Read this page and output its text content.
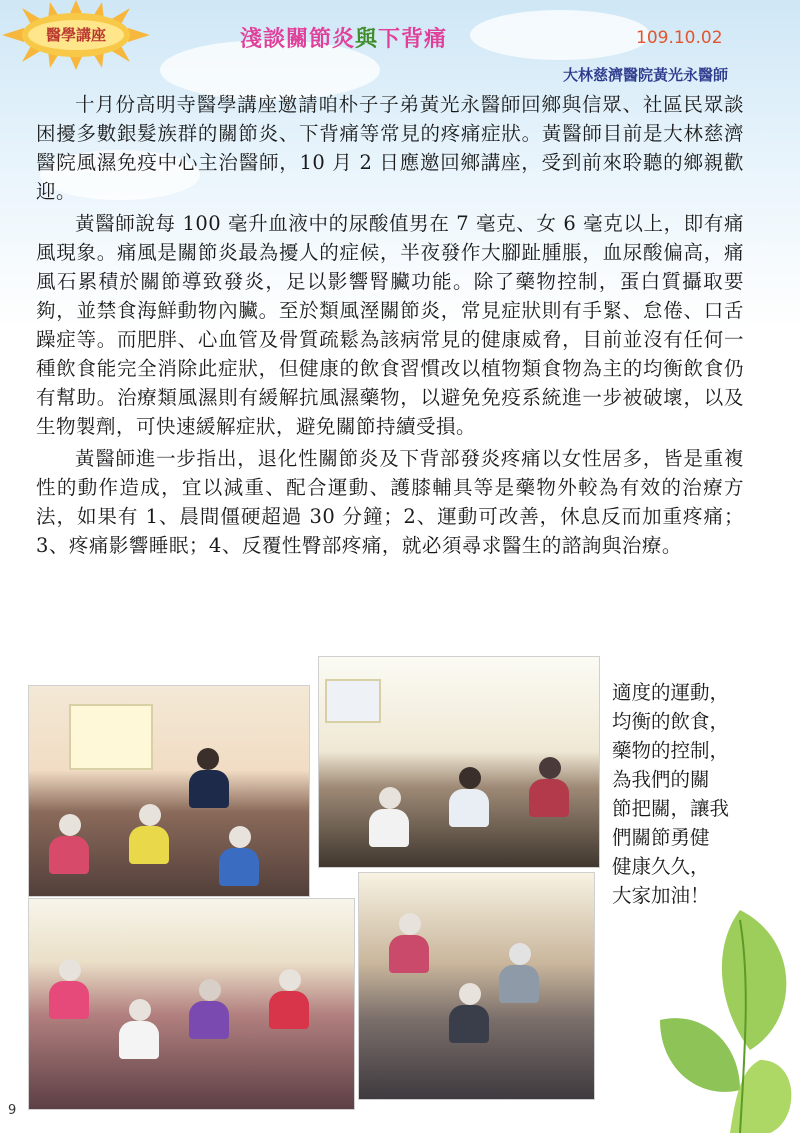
醫學講座	淺談關節炎與下背痛	109.10.02
大林慈濟醫院黃光永醫師

十月份高明寺醫學講座邀請咱朴子子弟黃光永醫師回鄉與信眾、社區民眾談困擾多數銀髮族群的關節炎、下背痛等常見的疼痛症狀。黃醫師目前是大林慈濟醫院風濕免疫中心主治醫師，10 月 2 日應邀回鄉講座，受到前來聆聽的鄉親歡迎。

黃醫師說每 100 毫升血液中的尿酸值男在 7 毫克、女 6 毫克以上，即有痛風現象。痛風是關節炎最為擾人的症候，半夜發作大腳趾腫脹，血尿酸偏高，痛風石累積於關節導致發炎，足以影響腎臟功能。除了藥物控制，蛋白質攝取要夠，並禁食海鮮動物內臟。至於類風溼關節炎，常見症狀則有手緊、怠倦、口舌躁症等。而肥胖、心血管及骨質疏鬆為該病常見的健康威脅，目前並沒有任何一種飲食能完全消除此症狀，但健康的飲食習慣改以植物類食物為主的均衡飲食仍有幫助。治療類風濕則有緩解抗風濕藥物，以避免免疫系統進一步被破壞，以及生物製劑，可快速緩解症狀，避免關節持續受損。

黃醫師進一步指出，退化性關節炎及下背部發炎疼痛以女性居多，皆是重複性的動作造成，宜以減重、配合運動、護膝輔具等是藥物外較為有效的治療方法，如果有 1、晨間僵硬超過 30 分鐘；2、運動可改善，休息反而加重疼痛；3、疼痛影響睡眠；4、反覆性臀部疼痛，就必須尋求醫生的諮詢與治療。

適度的運動，
均衡的飲食，
藥物的控制，
為我們的關
節把關，讓我
們關節勇健
健康久久，
大家加油！
9
